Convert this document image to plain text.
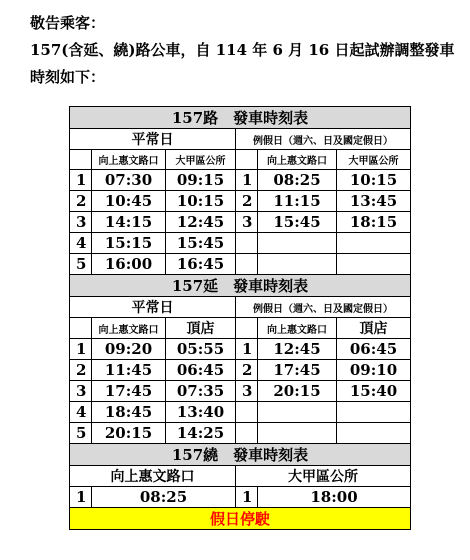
敬告乘客：
157(含延、繞)路公車，自 114 年 6 月 16 日起試辦調整發車
時刻如下：
157路　發車時刻表					
平常日			例假日（週六、日及國定假日）		
	向上惠文路口	大甲區公所		向上惠文路口	大甲區公所
1	07:30	09:15	1	08:25	10:15
2	10:45	10:15	2	11:15	13:45
3	14:15	12:45	3	15:45	18:15
4	15:15	15:45			
5	16:00	16:45			
157延　發車時刻表					
平常日			例假日（週六、日及國定假日）		
	向上惠文路口	頂店		向上惠文路口	頂店
1	09:20	05:55	1	12:45	06:45
2	11:45	06:45	2	17:45	09:10
3	17:45	07:35	3	20:15	15:40
4	18:45	13:40			
5	20:15	14:25			
157繞　發車時刻表					
向上惠文路口			大甲區公所		
1	08:25		1	18:00	
假日停駛					
